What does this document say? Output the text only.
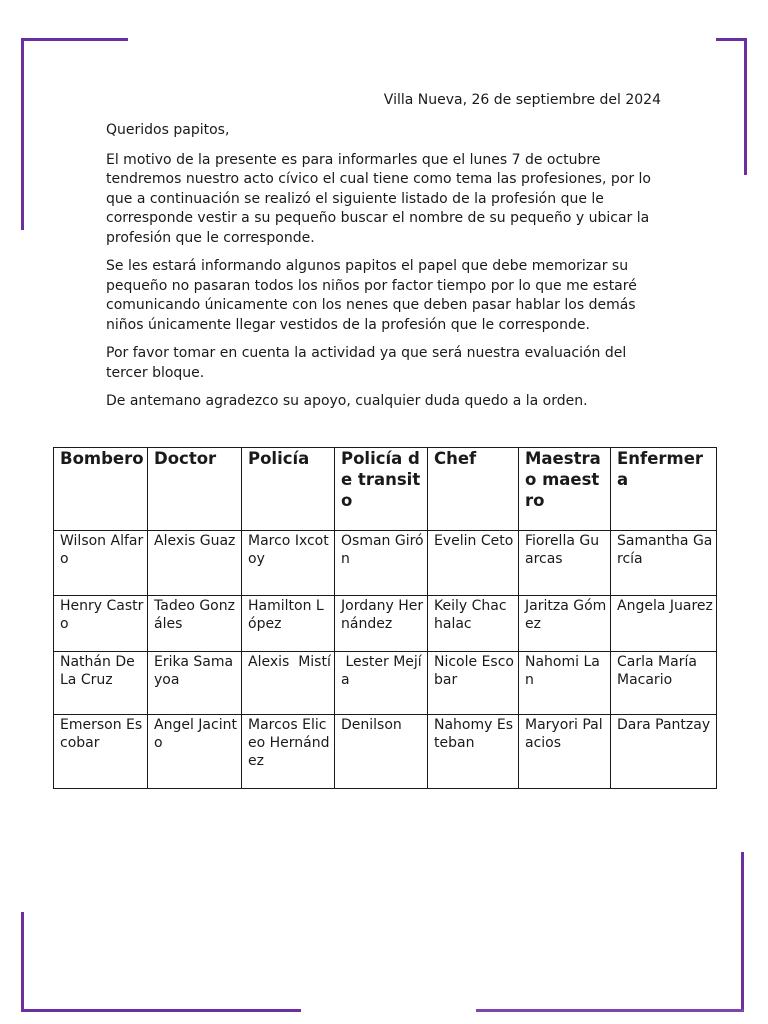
Villa Nueva, 26 de septiembre del 2024

Queridos papitos,

El motivo de la presente es para informarles que el lunes 7 de octubre tendremos nuestro acto cívico el cual tiene como tema las profesiones, por lo que a continuación se realizó el siguiente listado de la profesión que le corresponde vestir a su pequeño buscar el nombre de su pequeño y ubicar la profesión que le corresponde.

Se les estará informando algunos papitos el papel que debe memorizar su pequeño no pasaran todos los niños por factor tiempo por lo que me estaré comunicando únicamente con los nenes que deben pasar hablar los demás niños únicamente llegar vestidos de la profesión que le corresponde.

Por favor tomar en cuenta la actividad ya que será nuestra evaluación del tercer bloque.

De antemano agradezco su apoyo, cualquier duda quedo a la orden.

Bombero	Doctor	Policía	Policía de transito	Chef	Maestra o maestro	Enfermera
Wilson Alfaro	Alexis Guaz	Marco Ixcotoy	Osman Girón	Evelin Ceto	Fiorella Guarcas	Samantha García
Henry Castro	Tadeo Gonzáles	Hamilton López	Jordany Hernández	Keily Chachalac	Jaritza Gómez	Angela Juarez
Nathán De La Cruz	Erika Samayoa	Alexis  Mistí	Lester Mejía	Nicole Escobar	Nahomi Lan	Carla María Macario
Emerson Escobar	Angel Jacinto	Marcos Eliceo Hernández	Denilson	Nahomy Esteban	Maryori Palacios	Dara Pantzay
